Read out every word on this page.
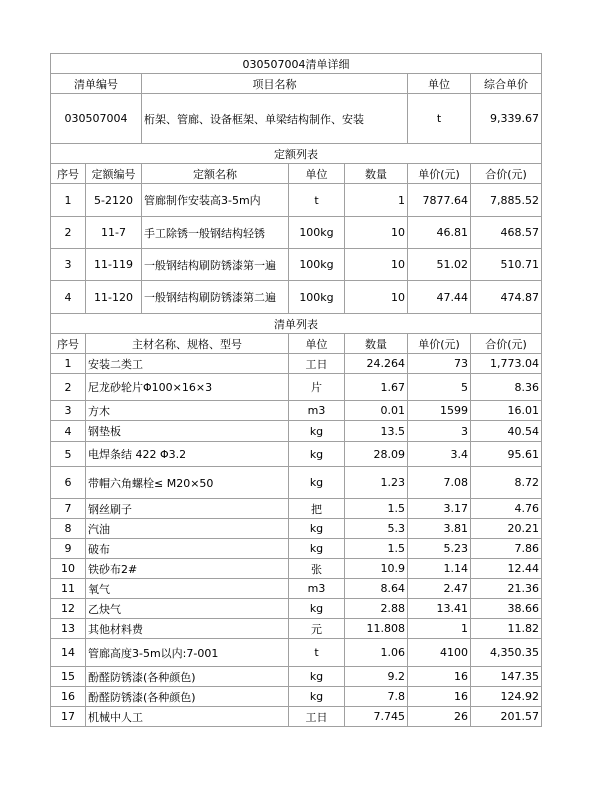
030507004清单详细						
清单编号		项目名称			单位	综合单价
030507004		桁架、管廊、设备框架、单梁结构制作、安装			t	9,339.67
定额列表						
序号	定额编号	定额名称	单位	数量	单价(元)	合价(元)
1	5-2120	管廊制作安装高3-5m内	t	1	7877.64	7,885.52
2	11-7	手工除锈一般钢结构轻锈	100kg	10	46.81	468.57
3	11-119	一般钢结构刷防锈漆第一遍	100kg	10	51.02	510.71
4	11-120	一般钢结构刷防锈漆第二遍	100kg	10	47.44	474.87
清单列表						
序号	主材名称、规格、型号		单位	数量	单价(元)	合价(元)
1	安装二类工		工日	24.264	73	1,773.04
2	尼龙砂轮片Φ100×16×3		片	1.67	5	8.36
3	方木		m3	0.01	1599	16.01
4	钢垫板		kg	13.5	3	40.54
5	电焊条结 422 Φ3.2		kg	28.09	3.4	95.61
6	带帽六角螺栓≤ M20×50		kg	1.23	7.08	8.72
7	钢丝刷子		把	1.5	3.17	4.76
8	汽油		kg	5.3	3.81	20.21
9	破布		kg	1.5	5.23	7.86
10	铁砂布2#		张	10.9	1.14	12.44
11	氧气		m3	8.64	2.47	21.36
12	乙炔气		kg	2.88	13.41	38.66
13	其他材料费		元	11.808	1	11.82
14	管廊高度3-5m以内:7-001		t	1.06	4100	4,350.35
15	酚醛防锈漆(各种颜色)		kg	9.2	16	147.35
16	酚醛防锈漆(各种颜色)		kg	7.8	16	124.92
17	机械中人工		工日	7.745	26	201.57
